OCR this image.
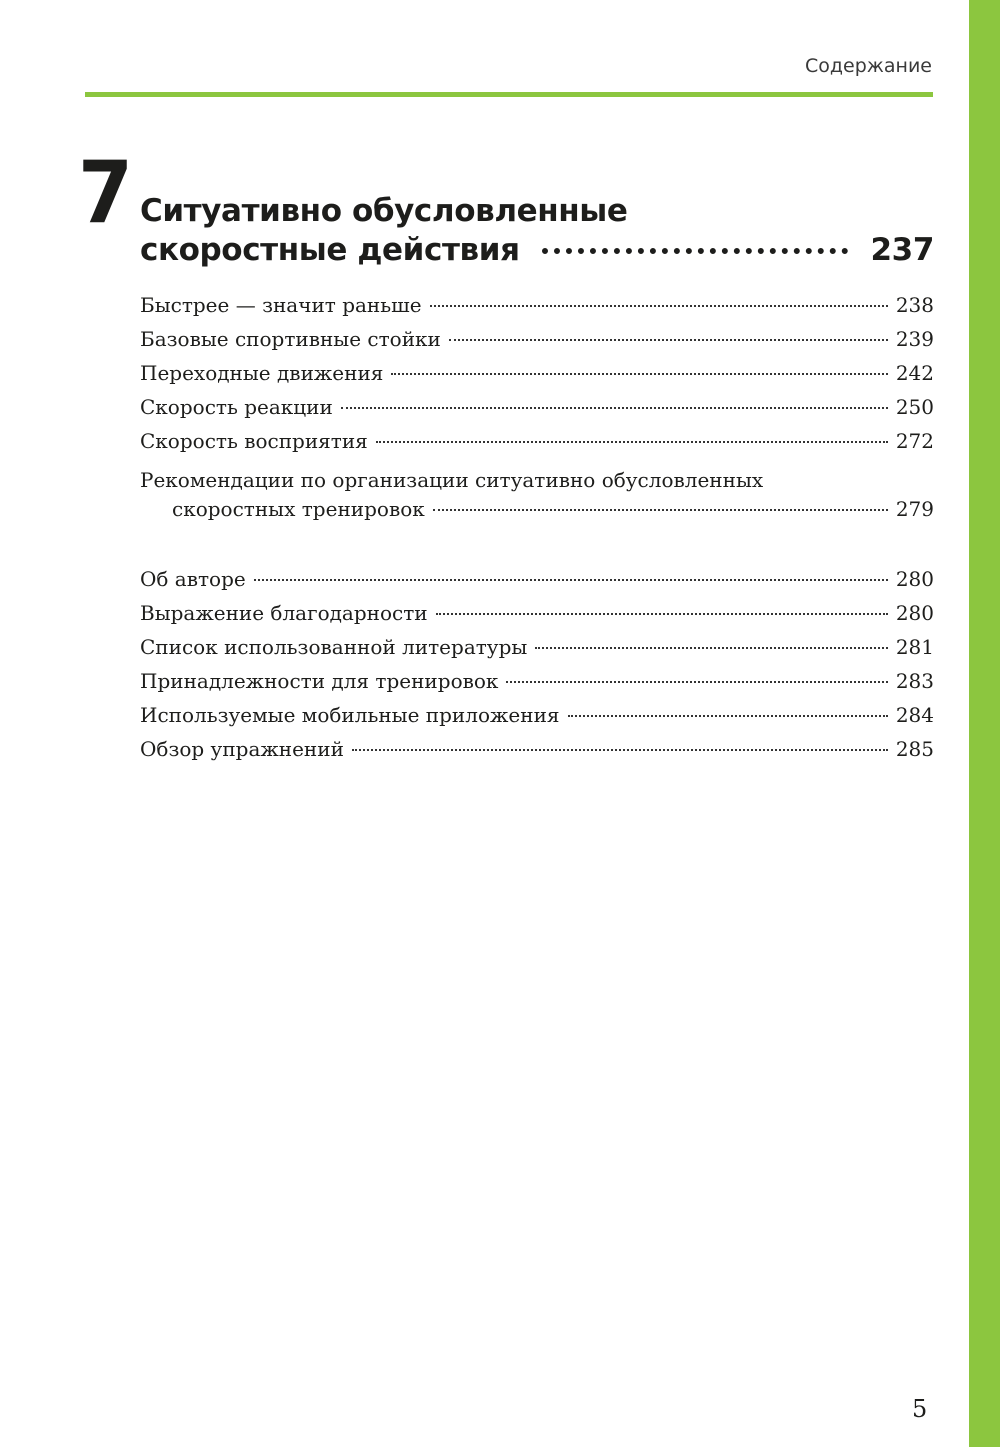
Содержание
7 Ситуативно обусловленные
скоростные действия	237
Быстрее — значит раньше	238
Базовые спортивные стойки	239
Переходные движения	242
Скорость реакции	250
Скорость восприятия	272
Рекомендации по организации ситуативно обусловленных
скоростных тренировок	279
Об авторе	280
Выражение благодарности	280
Список использованной литературы	281
Принадлежности для тренировок	283
Используемые мобильные приложения	284
Обзор упражнений	285
5
